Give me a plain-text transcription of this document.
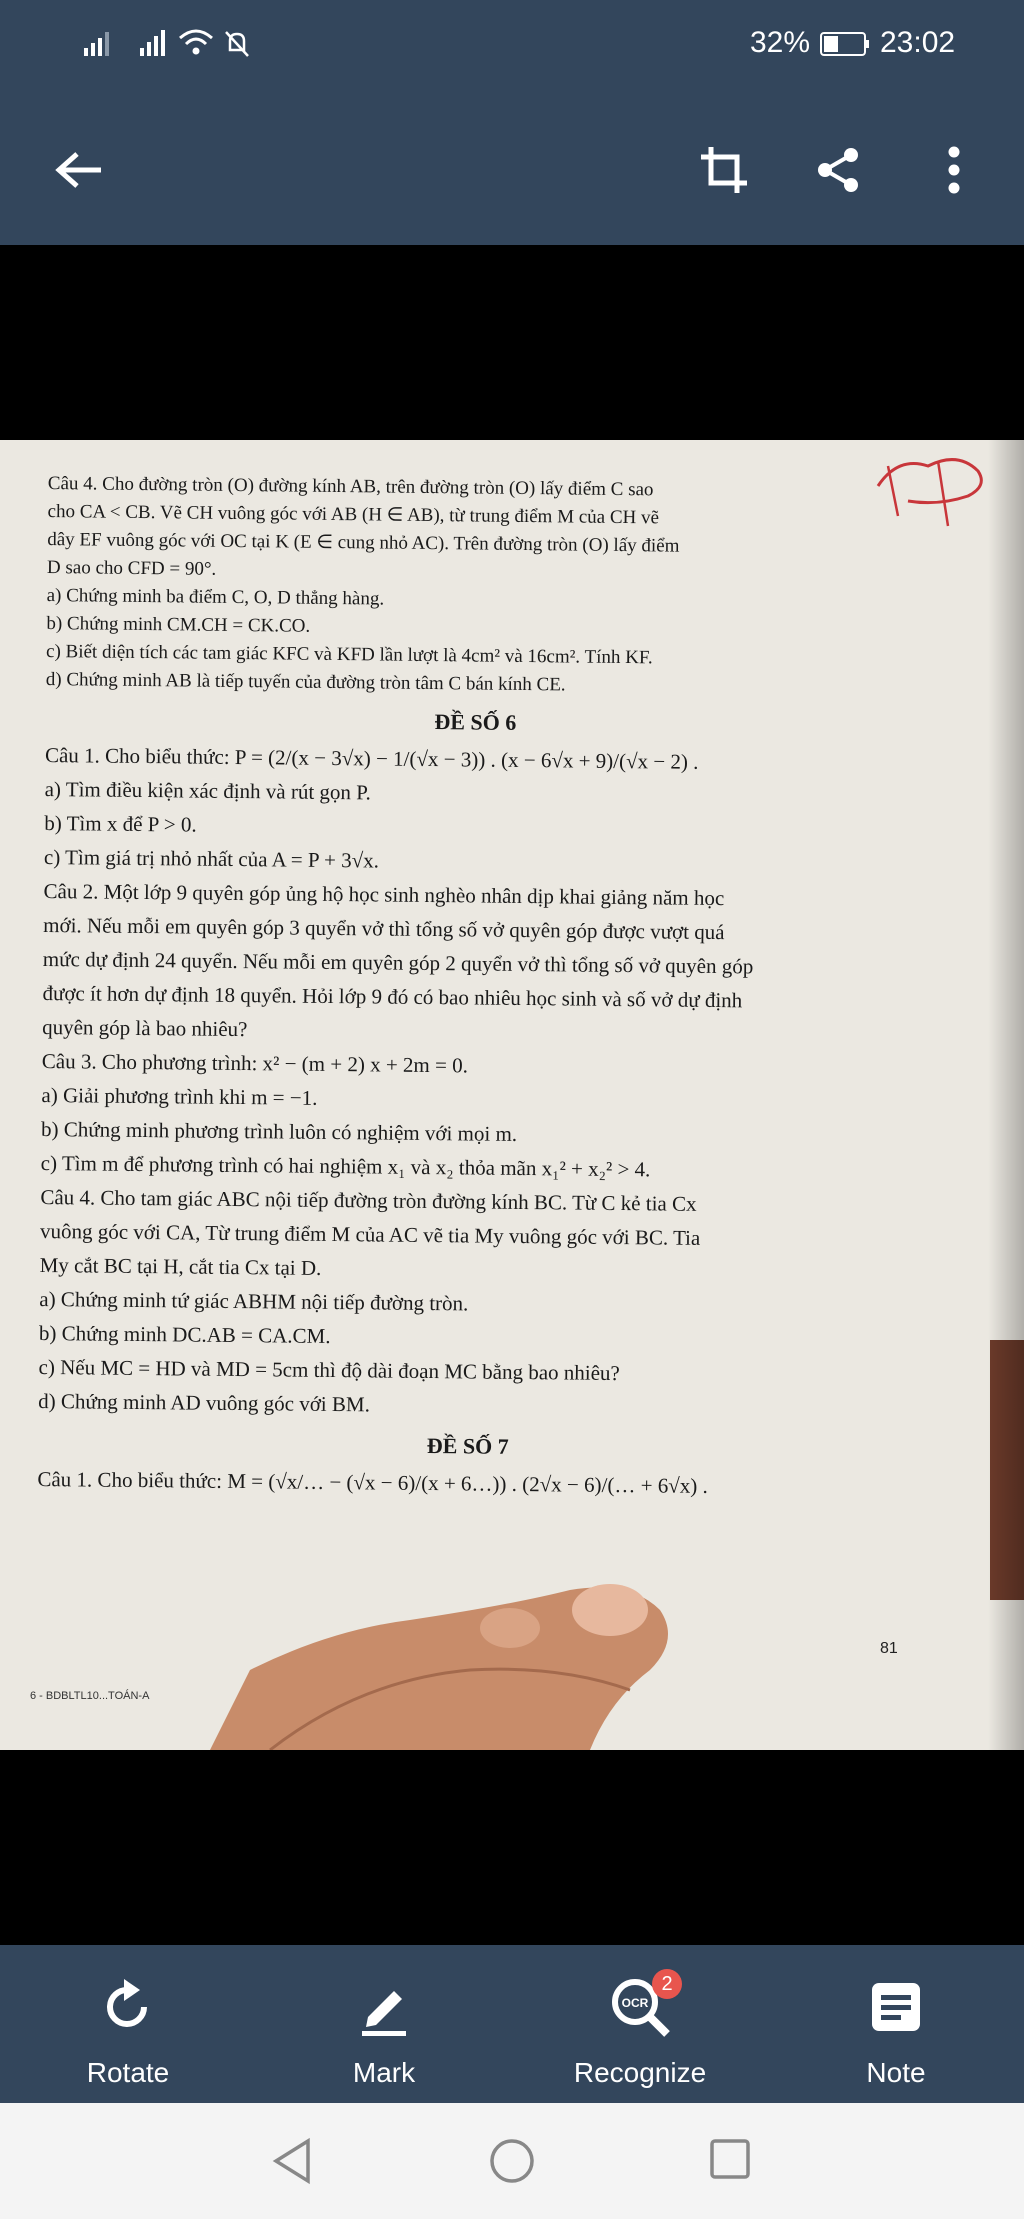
32% 23:02

Câu 4. Cho đường tròn (O) đường kính AB, trên đường tròn (O) lấy điểm C sao

cho CA < CB. Vẽ CH vuông góc với AB (H ∈ AB), từ trung điểm M của CH vẽ

dây EF vuông góc với OC tại K (E ∈ cung nhỏ AC). Trên đường tròn (O) lấy điểm

D sao cho CFD = 90°.

a) Chứng minh ba điểm C, O, D thẳng hàng.

b) Chứng minh CM.CH = CK.CO.

c) Biết diện tích các tam giác KFC và KFD lần lượt là 4cm² và 16cm². Tính KF.

d) Chứng minh AB là tiếp tuyến của đường tròn tâm C bán kính CE.

ĐỀ SỐ 6

Câu 1. Cho biểu thức: P = (2/(x − 3√x) − 1/(√x − 3)) . (x − 6√x + 9)/(√x − 2) .

a) Tìm điều kiện xác định và rút gọn P.

b) Tìm x để P > 0.

c) Tìm giá trị nhỏ nhất của A = P + 3√x.

Câu 2. Một lớp 9 quyên góp ủng hộ học sinh nghèo nhân dịp khai giảng năm học

mới. Nếu mỗi em quyên góp 3 quyển vở thì tổng số vở quyên góp được vượt quá

mức dự định 24 quyển. Nếu mỗi em quyên góp 2 quyển vở thì tổng số vở quyên góp

được ít hơn dự định 18 quyển. Hỏi lớp 9 đó có bao nhiêu học sinh và số vở dự định

quyên góp là bao nhiêu?

Câu 3. Cho phương trình: x² − (m + 2) x + 2m = 0.

a) Giải phương trình khi m = −1.

b) Chứng minh phương trình luôn có nghiệm với mọi m.

c) Tìm m để phương trình có hai nghiệm x₁ và x₂ thỏa mãn x₁² + x₂² > 4.

Câu 4. Cho tam giác ABC nội tiếp đường tròn đường kính BC. Từ C kẻ tia Cx

vuông góc với CA, Từ trung điểm M của AC vẽ tia My vuông góc với BC. Tia

My cắt BC tại H, cắt tia Cx tại D.

a) Chứng minh tứ giác ABHM nội tiếp đường tròn.

b) Chứng minh DC.AB = CA.CM.

c) Nếu MC = HD và MD = 5cm thì độ dài đoạn MC bằng bao nhiêu?

d) Chứng minh AD vuông góc với BM.

ĐỀ SỐ 7

Câu 1. Cho biểu thức: M = (√x/… − (√x − 6)/(x + 6…)) . (2√x − 6)/(… + 6√x) .

81
6 - BDBLTL10...TOÁN-A
Rotate	Mark
OCR
2
Recognize	Note
